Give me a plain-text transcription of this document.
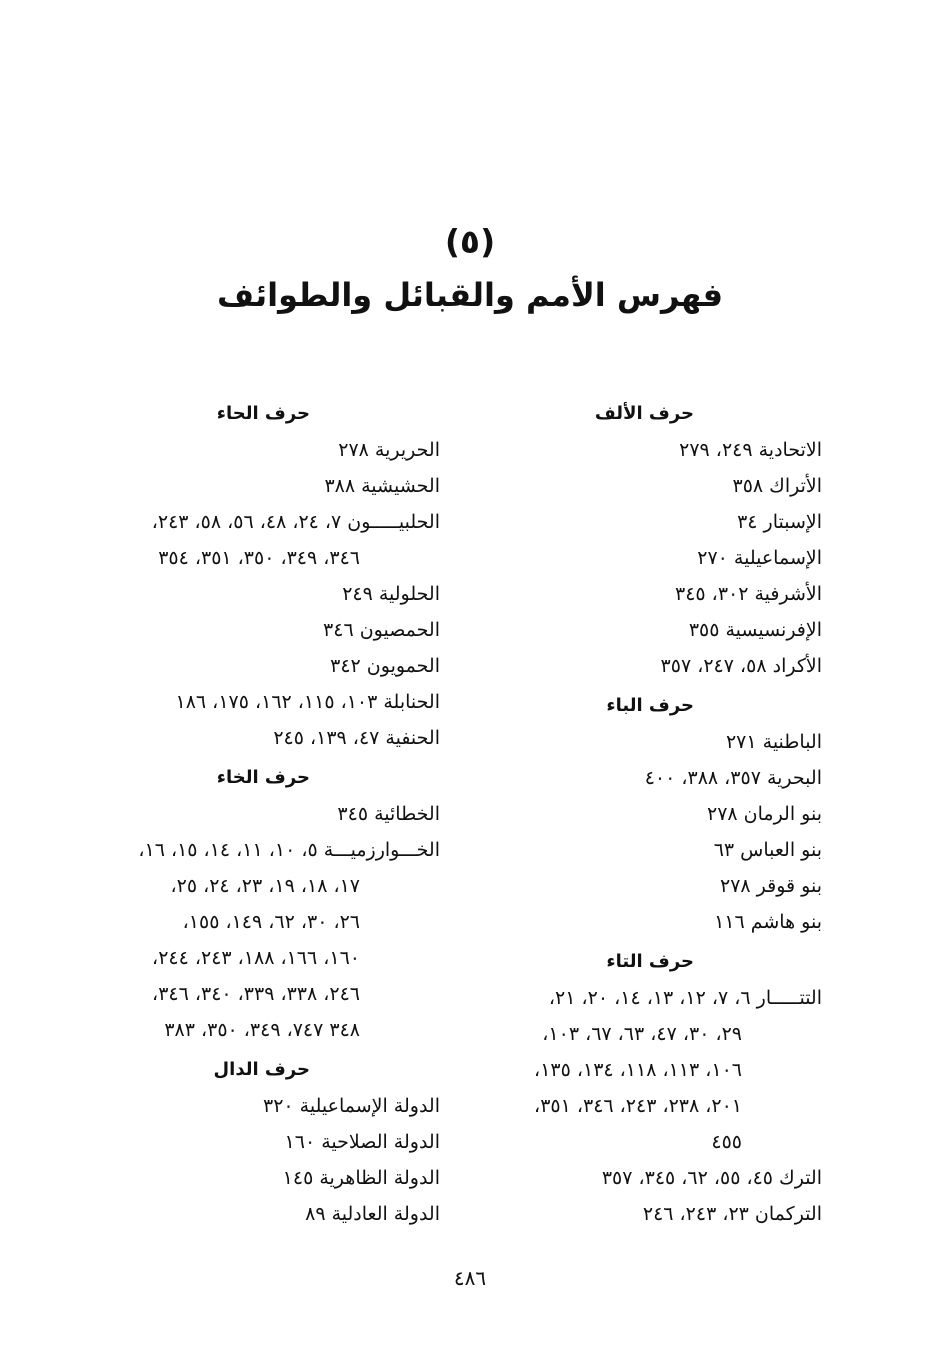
(٥)
فهرس الأمم والقبائل والطوائف
حرف الألف
الاتحادية ٢٤٩، ٢٧٩
الأتراك ٣٥٨
الإسبتار ٣٤
الإسماعيلية ٢٧٠
الأشرفية ٣٠٢، ٣٤٥
الإفرنسيسية ٣٥٥
الأكراد ٥٨، ٢٤٧، ٣٥٧
حرف الباء
الباطنية ٢٧١
البحرية ٣٥٧، ٣٨٨، ٤٠٠
بنو الرمان ٢٧٨
بنو العباس ٦٣
بنو قوقر ٢٧٨
بنو هاشم ١١٦
حرف التاء
التتـــــار ٦، ٧، ١٢، ١٣، ١٤، ٢٠، ٢١،
٢٩، ٣٠، ٤٧، ٦٣، ٦٧، ١٠٣،
١٠٦، ١١٣، ١١٨، ١٣٤، ١٣٥،
٢٠١، ٢٣٨، ٢٤٣، ٣٤٦، ٣٥١،
٤٥٥
الترك ٤٥، ٥٥، ٦٢، ٣٤٥، ٣٥٧
التركمان ٢٣، ٢٤٣، ٢٤٦
حرف الحاء
الحريرية ٢٧٨
الحشيشية ٣٨٨
الحلبيـــــون ٧، ٢٤، ٤٨، ٥٦، ٥٨، ٢٤٣،
٣٤٦، ٣٤٩، ٣٥٠، ٣٥١، ٣٥٤
الحلولية ٢٤٩
الحمصيون ٣٤٦
الحمويون ٣٤٢
الحنابلة ١٠٣، ١١٥، ١٦٢، ١٧٥، ١٨٦
الحنفية ٤٧، ١٣٩، ٢٤٥
حرف الخاء
الخطائية ٣٤٥
الخـــوارزميـــة ٥، ١٠، ١١، ١٤، ١٥، ١٦،
١٧، ١٨، ١٩، ٢٣، ٢٤، ٢٥،
٢٦، ٣٠، ٦٢، ١٤٩، ١٥٥،
١٦٠، ١٦٦، ١٨٨، ٢٤٣، ٢٤٤،
٢٤٦، ٣٣٨، ٣٣٩، ٣٤٠، ٣٤٦،
٣٤٨ ٧٤٧، ٣٤٩، ٣٥٠، ٣٨٣
حرف الدال
الدولة الإسماعيلية ٣٢٠
الدولة الصلاحية ١٦٠
الدولة الظاهرية ١٤٥
الدولة العادلية ٨٩
٤٨٦
